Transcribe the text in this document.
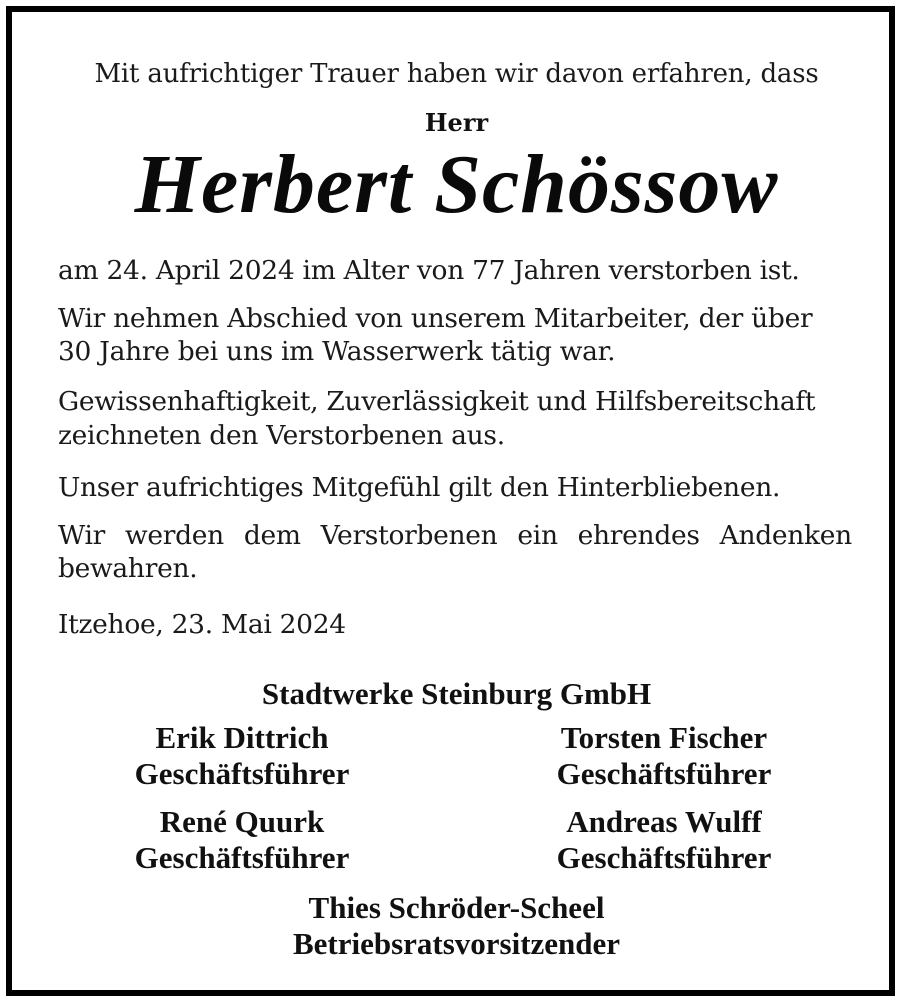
Mit aufrichtiger Trauer haben wir davon erfahren, dass

Herr

Herbert Schössow

am 24. April 2024 im Alter von 77 Jahren verstorben ist.

Wir nehmen Abschied von unserem Mitarbeiter, der über

30 Jahre bei uns im Wasserwerk tätig war.

Gewissenhaftigkeit, Zuverlässigkeit und Hilfsbereitschaft

zeichneten den Verstorbenen aus.

Unser aufrichtiges Mitgefühl gilt den Hinterbliebenen.

Wir werden dem Verstorbenen ein ehrendes Andenken

bewahren.

Itzehoe, 23. Mai 2024

Stadtwerke Steinburg GmbH

Erik Dittrich
Geschäftsführer
Torsten Fischer
Geschäftsführer
René Quurk
Geschäftsführer
Andreas Wulff
Geschäftsführer
Thies Schröder-Scheel
Betriebsratsvorsitzender
